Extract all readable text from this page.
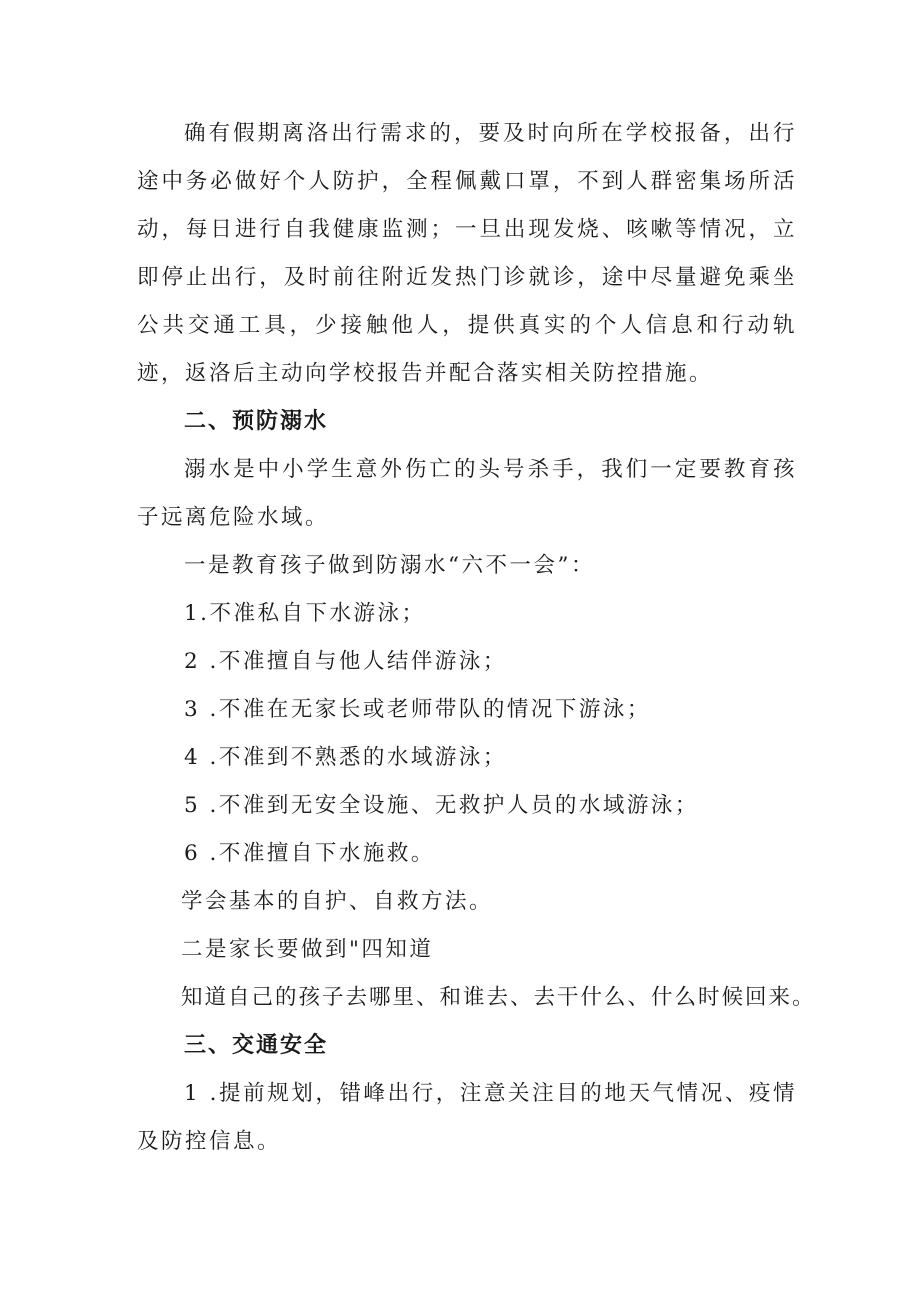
确有假期离洛出行需求的，要及时向所在学校报备，出行途中务必做好个人防护，全程佩戴口罩，不到人群密集场所活动，每日进行自我健康监测；一旦出现发烧、咳嗽等情况，立即停止出行，及时前往附近发热门诊就诊，途中尽量避免乘坐公共交通工具，少接触他人，提供真实的个人信息和行动轨迹，返洛后主动向学校报告并配合落实相关防控措施。

二、预防溺水

溺水是中小学生意外伤亡的头号杀手，我们一定要教育孩子远离危险水域。

一是教育孩子做到防溺水“六不一会”：

1.不准私自下水游泳；

2 .不准擅自与他人结伴游泳；

3 .不准在无家长或老师带队的情况下游泳；

4 .不准到不熟悉的水域游泳；

5 .不准到无安全设施、无救护人员的水域游泳；

6 .不准擅自下水施救。

学会基本的自护、自救方法。

二是家长要做到"四知道

知道自己的孩子去哪里、和谁去、去干什么、什么时候回来。

三、交通安全

1 .提前规划，错峰出行，注意关注目的地天气情况、疫情及防控信息。
